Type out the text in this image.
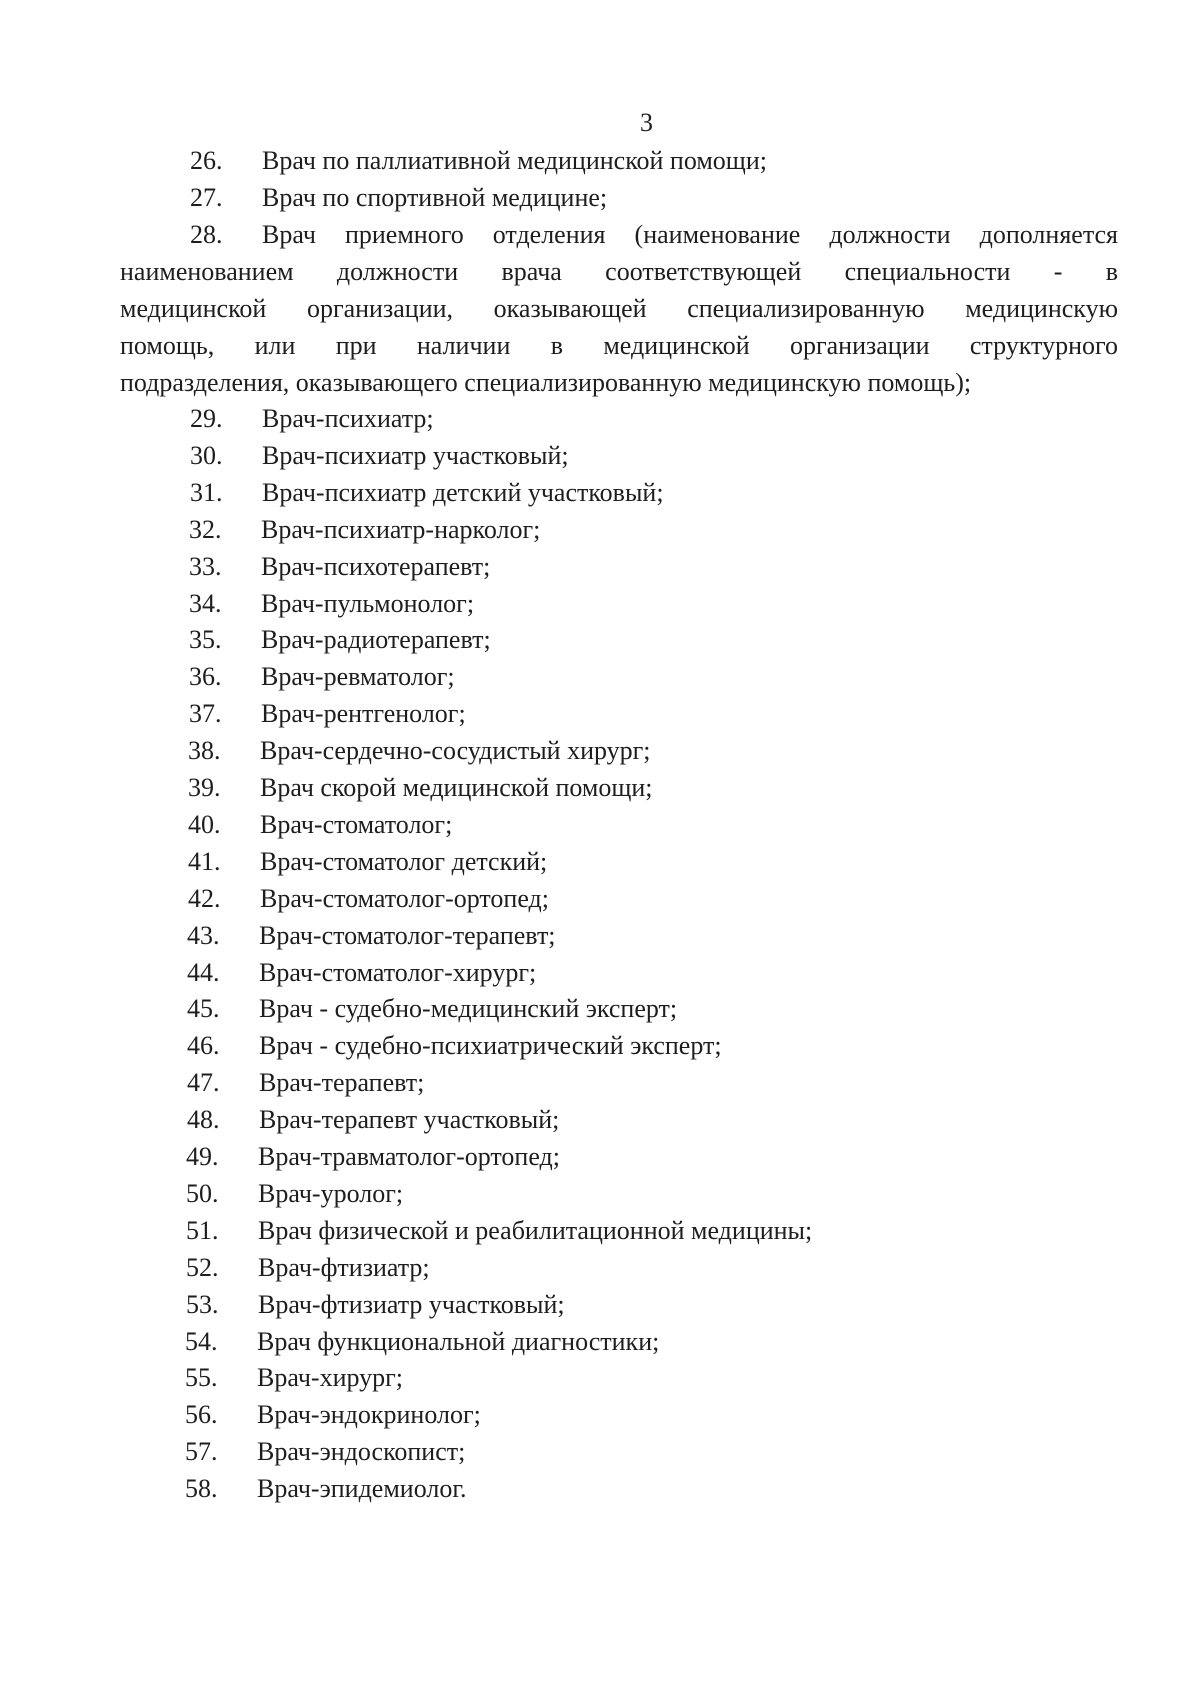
3
26. Врач по паллиативной медицинской помощи;
27. Врач по спортивной медицине;
28. Врач приемного отделения (наименование должности дополняется
наименованием должности врача соответствующей специальности - в
медицинской организации, оказывающей специализированную медицинскую
помощь, или при наличии в медицинской организации структурного
подразделения, оказывающего специализированную медицинскую помощь);
29. Врач-психиатр;
30. Врач-психиатр участковый;
31. Врач-психиатр детский участковый;
32. Врач-психиатр-нарколог;
33. Врач-психотерапевт;
34. Врач-пульмонолог;
35. Врач-радиотерапевт;
36. Врач-ревматолог;
37. Врач-рентгенолог;
38. Врач-сердечно-сосудистый хирург;
39. Врач скорой медицинской помощи;
40. Врач-стоматолог;
41. Врач-стоматолог детский;
42. Врач-стоматолог-ортопед;
43. Врач-стоматолог-терапевт;
44. Врач-стоматолог-хирург;
45. Врач - судебно-медицинский эксперт;
46. Врач - судебно-психиатрический эксперт;
47. Врач-терапевт;
48. Врач-терапевт участковый;
49. Врач-травматолог-ортопед;
50. Врач-уролог;
51. Врач физической и реабилитационной медицины;
52. Врач-фтизиатр;
53. Врач-фтизиатр участковый;
54. Врач функциональной диагностики;
55. Врач-хирург;
56. Врач-эндокринолог;
57. Врач-эндоскопист;
58. Врач-эпидемиолог.
